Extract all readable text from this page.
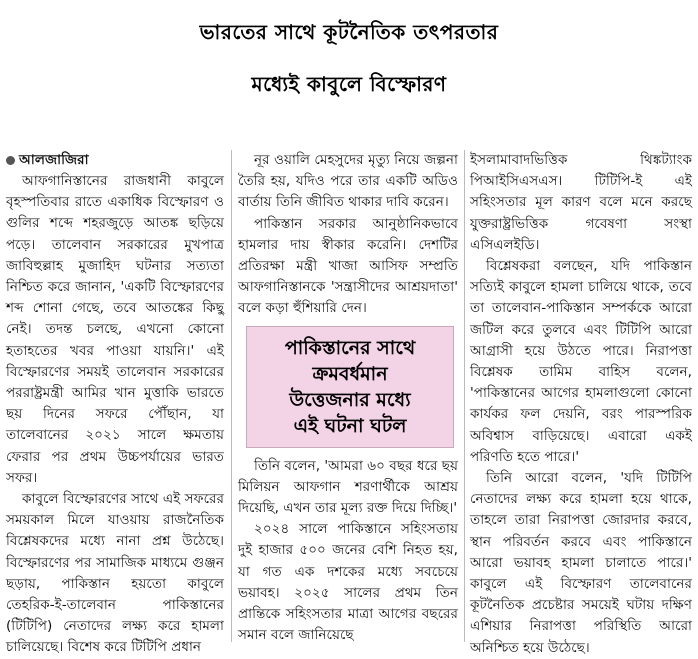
ভারতের সাথে কূটনৈতিক তৎপরতার
মধ্যেই কাবুলে বিস্ফোরণ
আলজাজিরা

আফগানিস্তানের রাজধানী কাবুলে বৃহস্পতিবার রাতে একাধিক বিস্ফোরণ ও গুলির শব্দে শহরজুড়ে আতঙ্ক ছড়িয়ে পড়ে। তালেবান সরকারের মুখপাত্র জাবিহুল্লাহ মুজাহিদ ঘটনার সত্যতা নিশ্চিত করে জানান, 'একটি বিস্ফোরণের শব্দ শোনা গেছে, তবে আতঙ্কের কিছু নেই। তদন্ত চলছে, এখনো কোনো হতাহতের খবর পাওয়া যায়নি।' এই বিস্ফোরণের সময়ই তালেবান সরকারের পররাষ্ট্রমন্ত্রী আমির খান মুত্তাকি ভারতে ছয় দিনের সফরে পৌঁছান, যা তালেবানের ২০২১ সালে ক্ষমতায় ফেরার পর প্রথম উচ্চপর্যায়ের ভারত সফর।

কাবুলে বিস্ফোরণের সাথে এই সফরের সময়কাল মিলে যাওয়ায় রাজনৈতিক বিশ্লেষকদের মধ্যে নানা প্রশ্ন উঠেছে। বিস্ফোরণের পর সামাজিক মাধ্যমে গুঞ্জন ছড়ায়, পাকিস্তান হয়তো কাবুলে তেহরিক-ই-তালেবান পাকিস্তানের (টিটিপি) নেতাদের লক্ষ্য করে হামলা চালিয়েছে। বিশেষ করে টিটিপি প্রধান

নূর ওয়ালি মেহসুদের মৃত্যু নিয়ে জল্পনা তৈরি হয়, যদিও পরে তার একটি অডিও বার্তায় তিনি জীবিত থাকার দাবি করেন।

পাকিস্তান সরকার আনুষ্ঠানিকভাবে হামলার দায় স্বীকার করেনি। দেশটির প্রতিরক্ষা মন্ত্রী খাজা আসিফ সম্প্রতি আফগানিস্তানকে 'সন্ত্রাসীদের আশ্রয়দাতা' বলে কড়া হুঁশিয়ারি দেন।

পাকিস্তানের সাথে
ক্রমবর্ধমান
উত্তেজনার মধ্যে
এই ঘটনা ঘটল

তিনি বলেন, 'আমরা ৬০ বছর ধরে ছয় মিলিয়ন আফগান শরণার্থীকে আশ্রয় দিয়েছি, এখন তার মূল্য রক্ত দিয়ে দিচ্ছি।'

২০২৪ সালে পাকিস্তানে সহিংসতায় দুই হাজার ৫০০ জনের বেশি নিহত হয়, যা গত এক দশকের মধ্যে সবচেয়ে ভয়াবহ। ২০২৫ সালের প্রথম তিন প্রান্তিকে সহিংসতার মাত্রা আগের বছরের সমান বলে জানিয়েছে

ইসলামাবাদভিত্তিক থিঙ্কট্যাংক পিআইসিএসএস। টিটিপি-ই এই সহিংসতার মূল কারণ বলে মনে করছে যুক্তরাষ্ট্রভিত্তিক গবেষণা সংস্থা এসিএলইডি।

বিশ্লেষকরা বলছেন, যদি পাকিস্তান সত্যিই কাবুলে হামলা চালিয়ে থাকে, তবে তা তালেবান-পাকিস্তান সম্পর্ককে আরো জটিল করে তুলবে এবং টিটিপি আরো আগ্রাসী হয়ে উঠতে পারে। নিরাপত্তা বিশ্লেষক তামিম বাহিস বলেন, 'পাকিস্তানের আগের হামলাগুলো কোনো কার্যকর ফল দেয়নি, বরং পারস্পরিক অবিশ্বাস বাড়িয়েছে। এবারো একই পরিণতি হতে পারে।'

তিনি আরো বলেন, 'যদি টিটিপি নেতাদের লক্ষ্য করে হামলা হয়ে থাকে, তাহলে তারা নিরাপত্তা জোরদার করবে, স্থান পরিবর্তন করবে এবং পাকিস্তানে আরো ভয়াবহ হামলা চালাতে পারে।' কাবুলে এই বিস্ফোরণ তালেবানের কূটনৈতিক প্রচেষ্টার সময়েই ঘটায় দক্ষিণ এশিয়ার নিরাপত্তা পরিস্থিতি আরো অনিশ্চিত হয়ে উঠেছে।
